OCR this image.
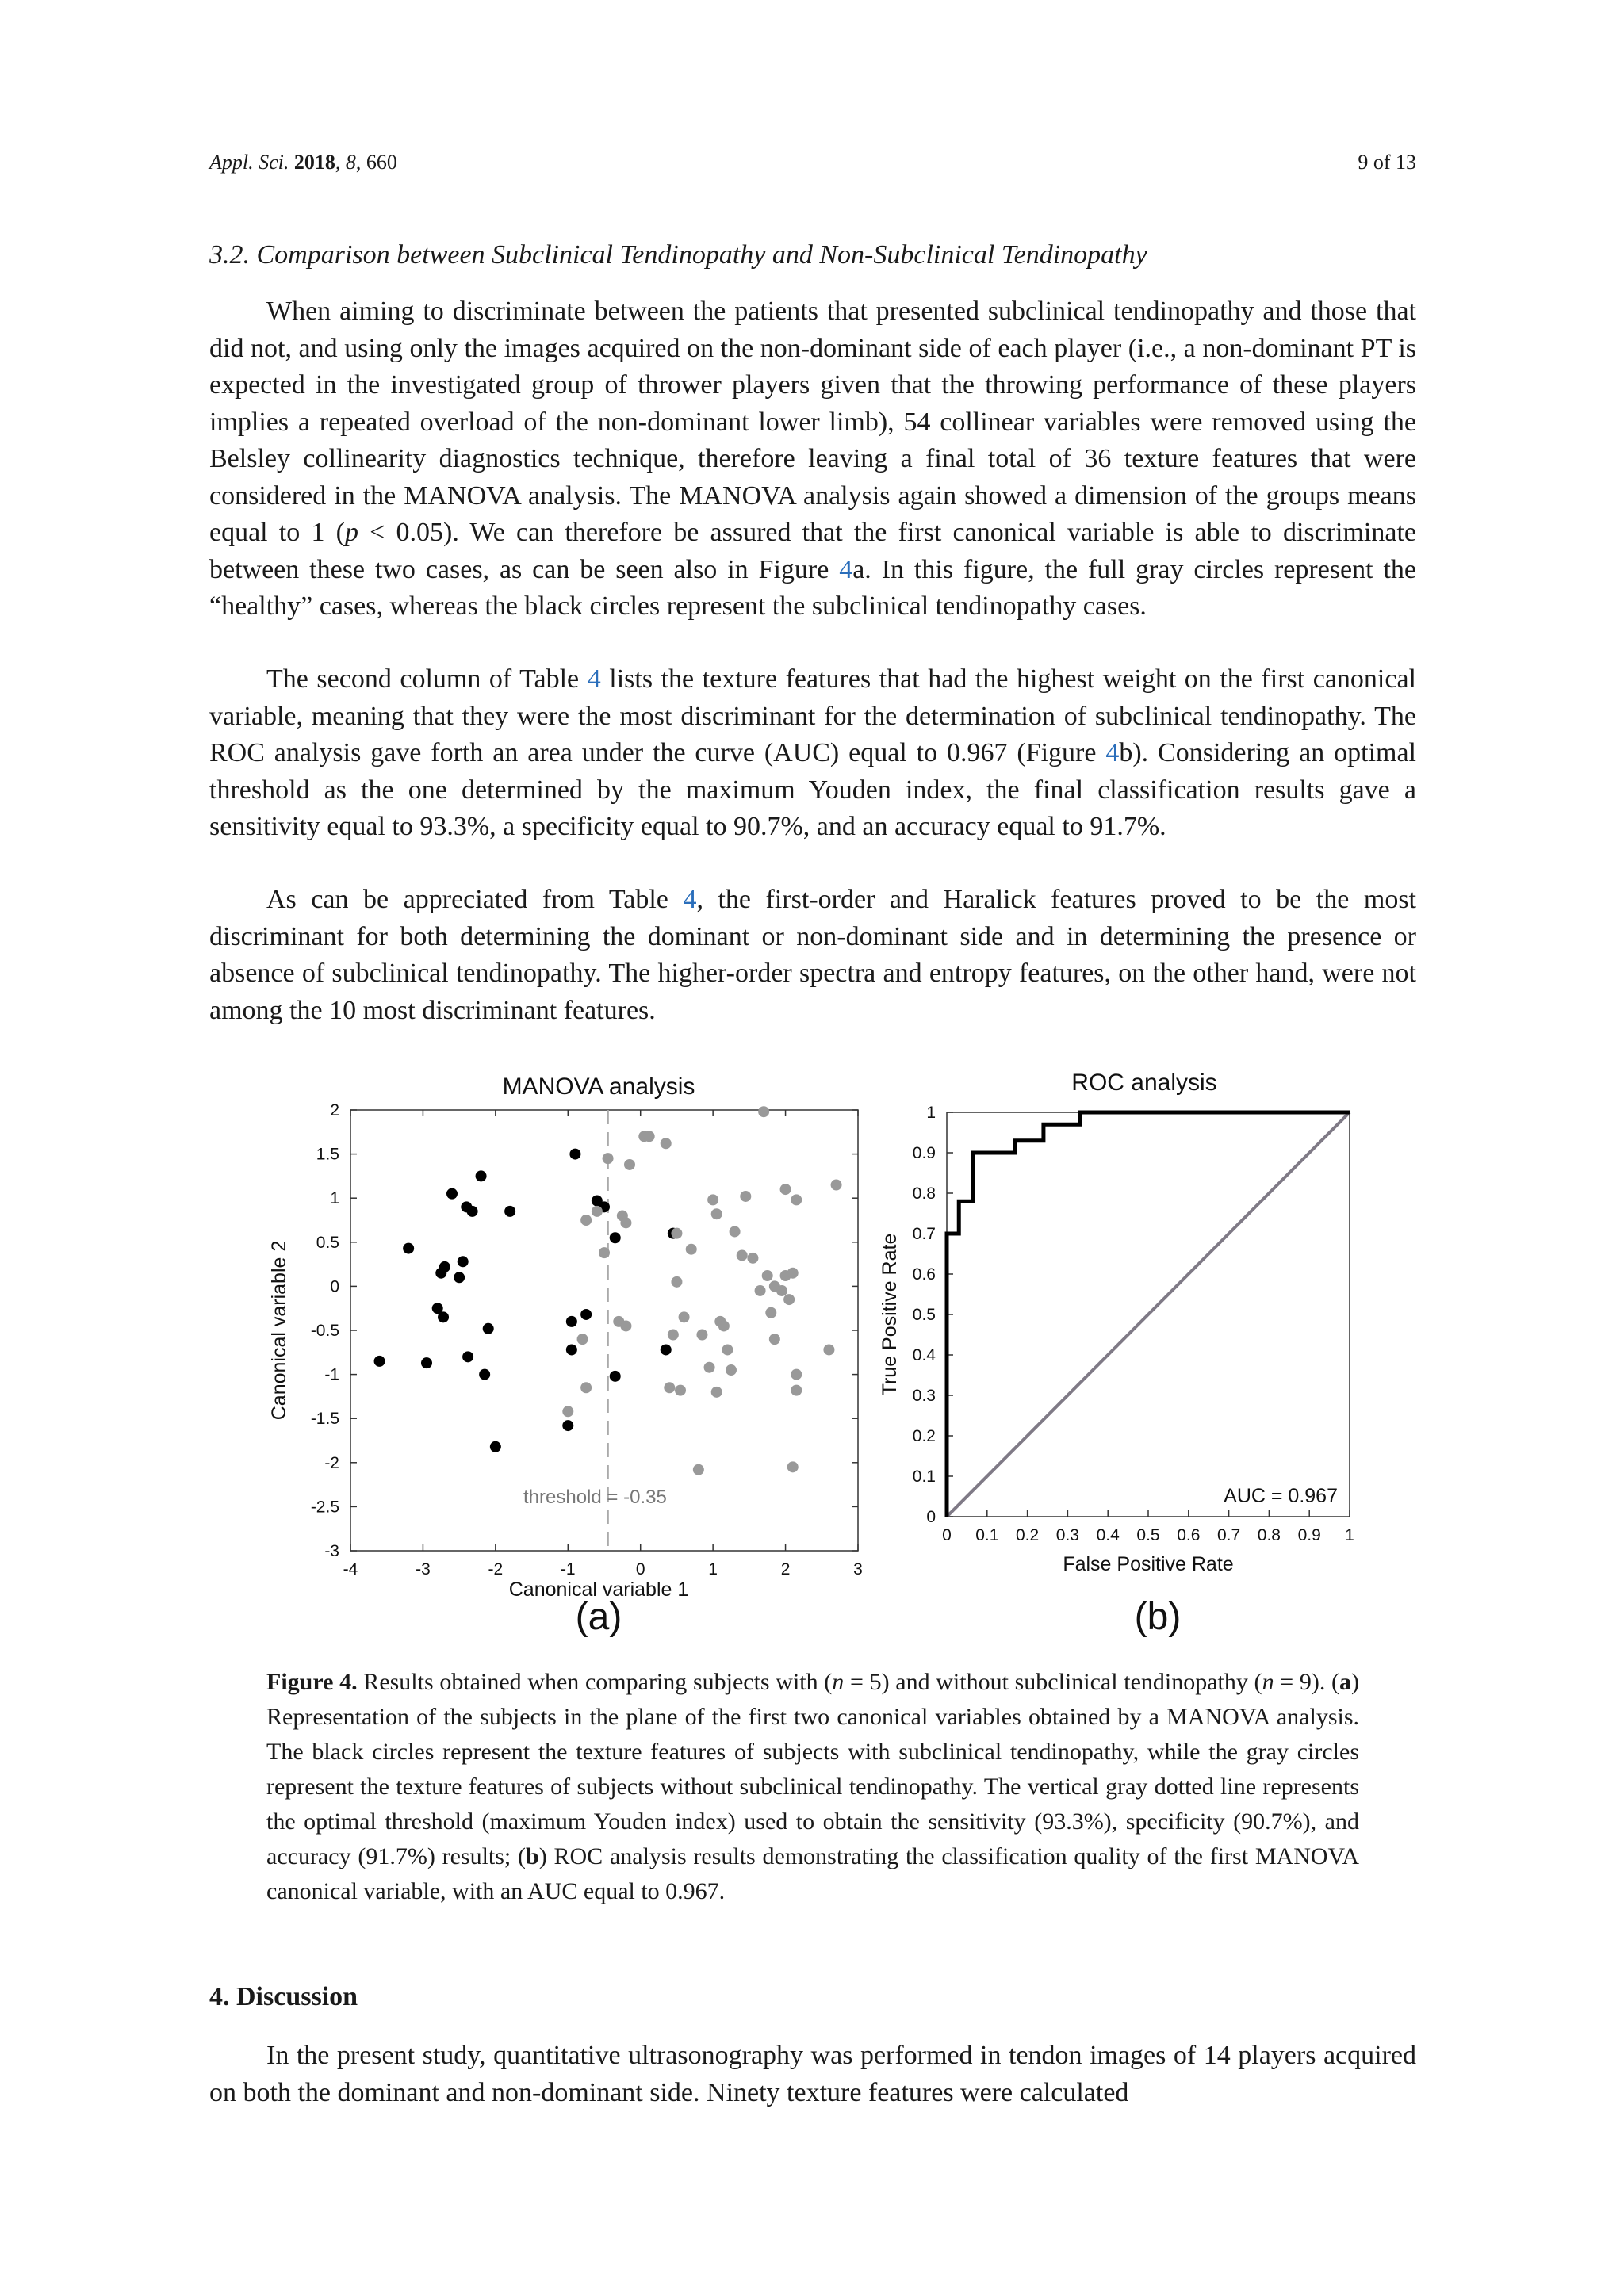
Appl. Sci. 2018, 8, 660	9 of 13
3.2. Comparison between Subclinical Tendinopathy and Non-Subclinical Tendinopathy

When aiming to discriminate between the patients that presented subclinical tendinopathy and those that did not, and using only the images acquired on the non-dominant side of each player (i.e., a non-dominant PT is expected in the investigated group of thrower players given that the throwing performance of these players implies a repeated overload of the non-dominant lower limb), 54 collinear variables were removed using the Belsley collinearity diagnostics technique, therefore leaving a final total of 36 texture features that were considered in the MANOVA analysis. The MANOVA analysis again showed a dimension of the groups means equal to 1 (p < 0.05). We can therefore be assured that the first canonical variable is able to discriminate between these two cases, as can be seen also in Figure 4a. In this figure, the full gray circles represent the “healthy” cases, whereas the black circles represent the subclinical tendinopathy cases.

The second column of Table 4 lists the texture features that had the highest weight on the first canonical variable, meaning that they were the most discriminant for the determination of subclinical tendinopathy. The ROC analysis gave forth an area under the curve (AUC) equal to 0.967 (Figure 4b). Considering an optimal threshold as the one determined by the maximum Youden index, the final classification results gave a sensitivity equal to 93.3%, a specificity equal to 90.7%, and an accuracy equal to 91.7%.

As can be appreciated from Table 4, the first-order and Haralick features proved to be the most discriminant for both determining the dominant or non-dominant side and in determining the presence or absence of subclinical tendinopathy. The higher-order spectra and entropy features, on the other hand, were not among the 10 most discriminant features.

MANOVA analysis
threshold = -0.35
-4	-3	-2	-1	0	1	2	3
-3
-2.5
-2
-1.5
-1
-0.5
0
0.5
1
1.5
2
Canonical variable 1
Canonical variable 2
(a)
ROC analysis
0 0.1 0.2 0.3 0.4 0.5 0.6 0.7 0.8 0.9 1
0
0.1
0.2
0.3
0.4
0.5
0.6
0.7
0.8
0.9
1
AUC = 0.967
False Positive Rate
True Positive Rate
(b)
Figure 4. Results obtained when comparing subjects with (n = 5) and without subclinical tendinopathy (n = 9). (a) Representation of the subjects in the plane of the first two canonical variables obtained by a MANOVA analysis. The black circles represent the texture features of subjects with subclinical tendinopathy, while the gray circles represent the texture features of subjects without subclinical tendinopathy. The vertical gray dotted line represents the optimal threshold (maximum Youden index) used to obtain the sensitivity (93.3%), specificity (90.7%), and accuracy (91.7%) results; (b) ROC analysis results demonstrating the classification quality of the first MANOVA canonical variable, with an AUC equal to 0.967.
4. Discussion

In the present study, quantitative ultrasonography was performed in tendon images of 14 players acquired on both the dominant and non-dominant side. Ninety texture features were calculated
